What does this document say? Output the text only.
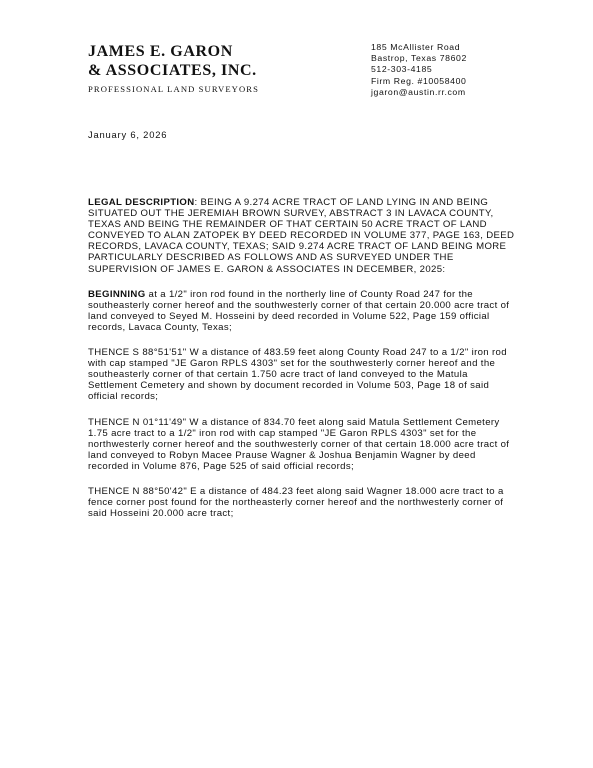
JAMES E. GARON
& ASSOCIATES, INC.
PROFESSIONAL LAND SURVEYORS
185 McAllister Road
Bastrop, Texas 78602
512-303-4185
Firm Reg. #10058400
jgaron@austin.rr.com
January 6, 2026

LEGAL DESCRIPTION: BEING A 9.274 ACRE TRACT OF LAND LYING IN AND BEING SITUATED OUT THE JEREMIAH BROWN SURVEY, ABSTRACT 3 IN LAVACA COUNTY, TEXAS AND BEING THE REMAINDER OF THAT CERTAIN 50 ACRE TRACT OF LAND CONVEYED TO ALAN ZATOPEK BY DEED RECORDED IN VOLUME 377, PAGE 163, DEED RECORDS, LAVACA COUNTY, TEXAS; SAID 9.274 ACRE TRACT OF LAND BEING MORE PARTICULARLY DESCRIBED AS FOLLOWS AND AS SURVEYED UNDER THE SUPERVISION OF JAMES E. GARON & ASSOCIATES IN DECEMBER, 2025:

BEGINNING at a 1/2" iron rod found in the northerly line of County Road 247 for the southeasterly corner hereof and the southwesterly corner of that certain 20.000 acre tract of land conveyed to Seyed M. Hosseini by deed recorded in Volume 522, Page 159 official records, Lavaca County, Texas;

THENCE S 88°51'51" W a distance of 483.59 feet along County Road 247 to a 1/2" iron rod with cap stamped "JE Garon RPLS 4303" set for the southwesterly corner hereof and the southeasterly corner of that certain 1.750 acre tract of land conveyed to the Matula Settlement Cemetery and shown by document recorded in Volume 503, Page 18 of said official records;

THENCE N 01°11'49" W a distance of 834.70 feet along said Matula Settlement Cemetery 1.75 acre tract to a 1/2" iron rod with cap stamped "JE Garon RPLS 4303" set for the northwesterly corner hereof and the southwesterly corner of that certain 18.000 acre tract of land conveyed to Robyn Macee Prause Wagner & Joshua Benjamin Wagner by deed recorded in Volume 876, Page 525 of said official records;

THENCE N 88°50'42" E a distance of 484.23 feet along said Wagner 18.000 acre tract to a fence corner post found for the northeasterly corner hereof and the northwesterly corner of said Hosseini 20.000 acre tract;
